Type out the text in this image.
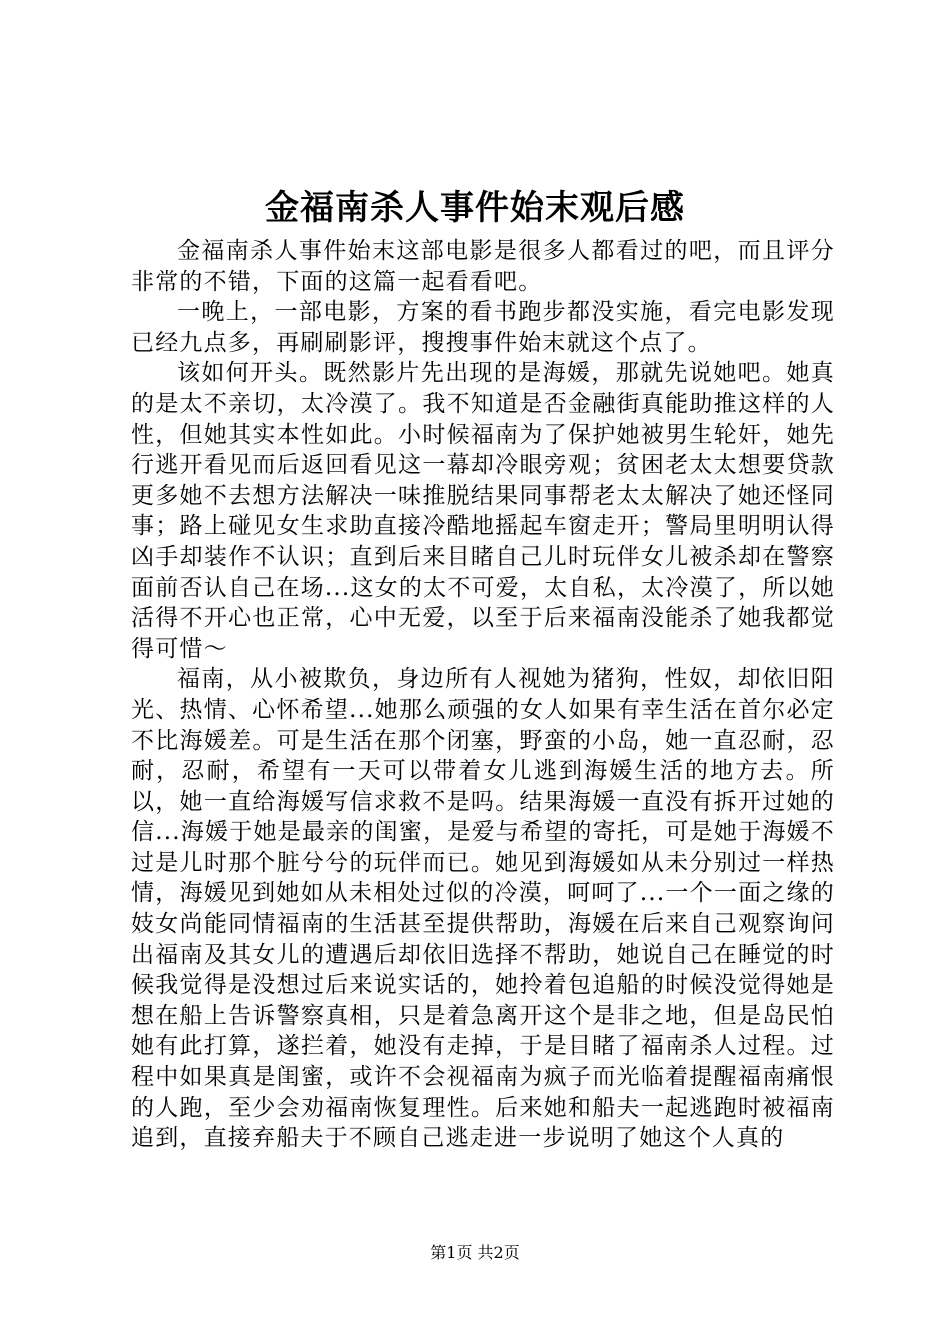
金福南杀人事件始末观后感

金福南杀人事件始末这部电影是很多人都看过的吧，而且评分非常的不错，下面的这篇一起看看吧。

一晚上，一部电影，方案的看书跑步都没实施，看完电影发现已经九点多，再刷刷影评，搜搜事件始末就这个点了。

该如何开头。既然影片先出现的是海媛，那就先说她吧。她真的是太不亲切，太冷漠了。我不知道是否金融街真能助推这样的人性，但她其实本性如此。小时候福南为了保护她被男生轮奸，她先行逃开看见而后返回看见这一幕却冷眼旁观；贫困老太太想要贷款更多她不去想方法解决一味推脱结果同事帮老太太解决了她还怪同事；路上碰见女生求助直接冷酷地摇起车窗走开；警局里明明认得凶手却装作不认识；直到后来目睹自己儿时玩伴女儿被杀却在警察面前否认自己在场...这女的太不可爱，太自私，太冷漠了，所以她活得不开心也正常，心中无爱，以至于后来福南没能杀了她我都觉得可惜～

福南，从小被欺负，身边所有人视她为猪狗，性奴，却依旧阳光、热情、心怀希望...她那么顽强的女人如果有幸生活在首尔必定不比海媛差。可是生活在那个闭塞，野蛮的小岛，她一直忍耐，忍耐，忍耐，希望有一天可以带着女儿逃到海媛生活的地方去。所以，她一直给海媛写信求救不是吗。结果海媛一直没有拆开过她的信...海媛于她是最亲的闺蜜，是爱与希望的寄托，可是她于海媛不过是儿时那个脏兮兮的玩伴而已。她见到海媛如从未分别过一样热情，海媛见到她如从未相处过似的冷漠，呵呵了...一个一面之缘的妓女尚能同情福南的生活甚至提供帮助，海媛在后来自己观察询问出福南及其女儿的遭遇后却依旧选择不帮助，她说自己在睡觉的时候我觉得是没想过后来说实话的，她拎着包追船的时候没觉得她是想在船上告诉警察真相，只是着急离开这个是非之地，但是岛民怕她有此打算，遂拦着，她没有走掉，于是目睹了福南杀人过程。过程中如果真是闺蜜，或许不会视福南为疯子而光临着提醒福南痛恨的人跑，至少会劝福南恢复理性。后来她和船夫一起逃跑时被福南追到，直接弃船夫于不顾自己逃走进一步说明了她这个人真的

第1页 共2页
